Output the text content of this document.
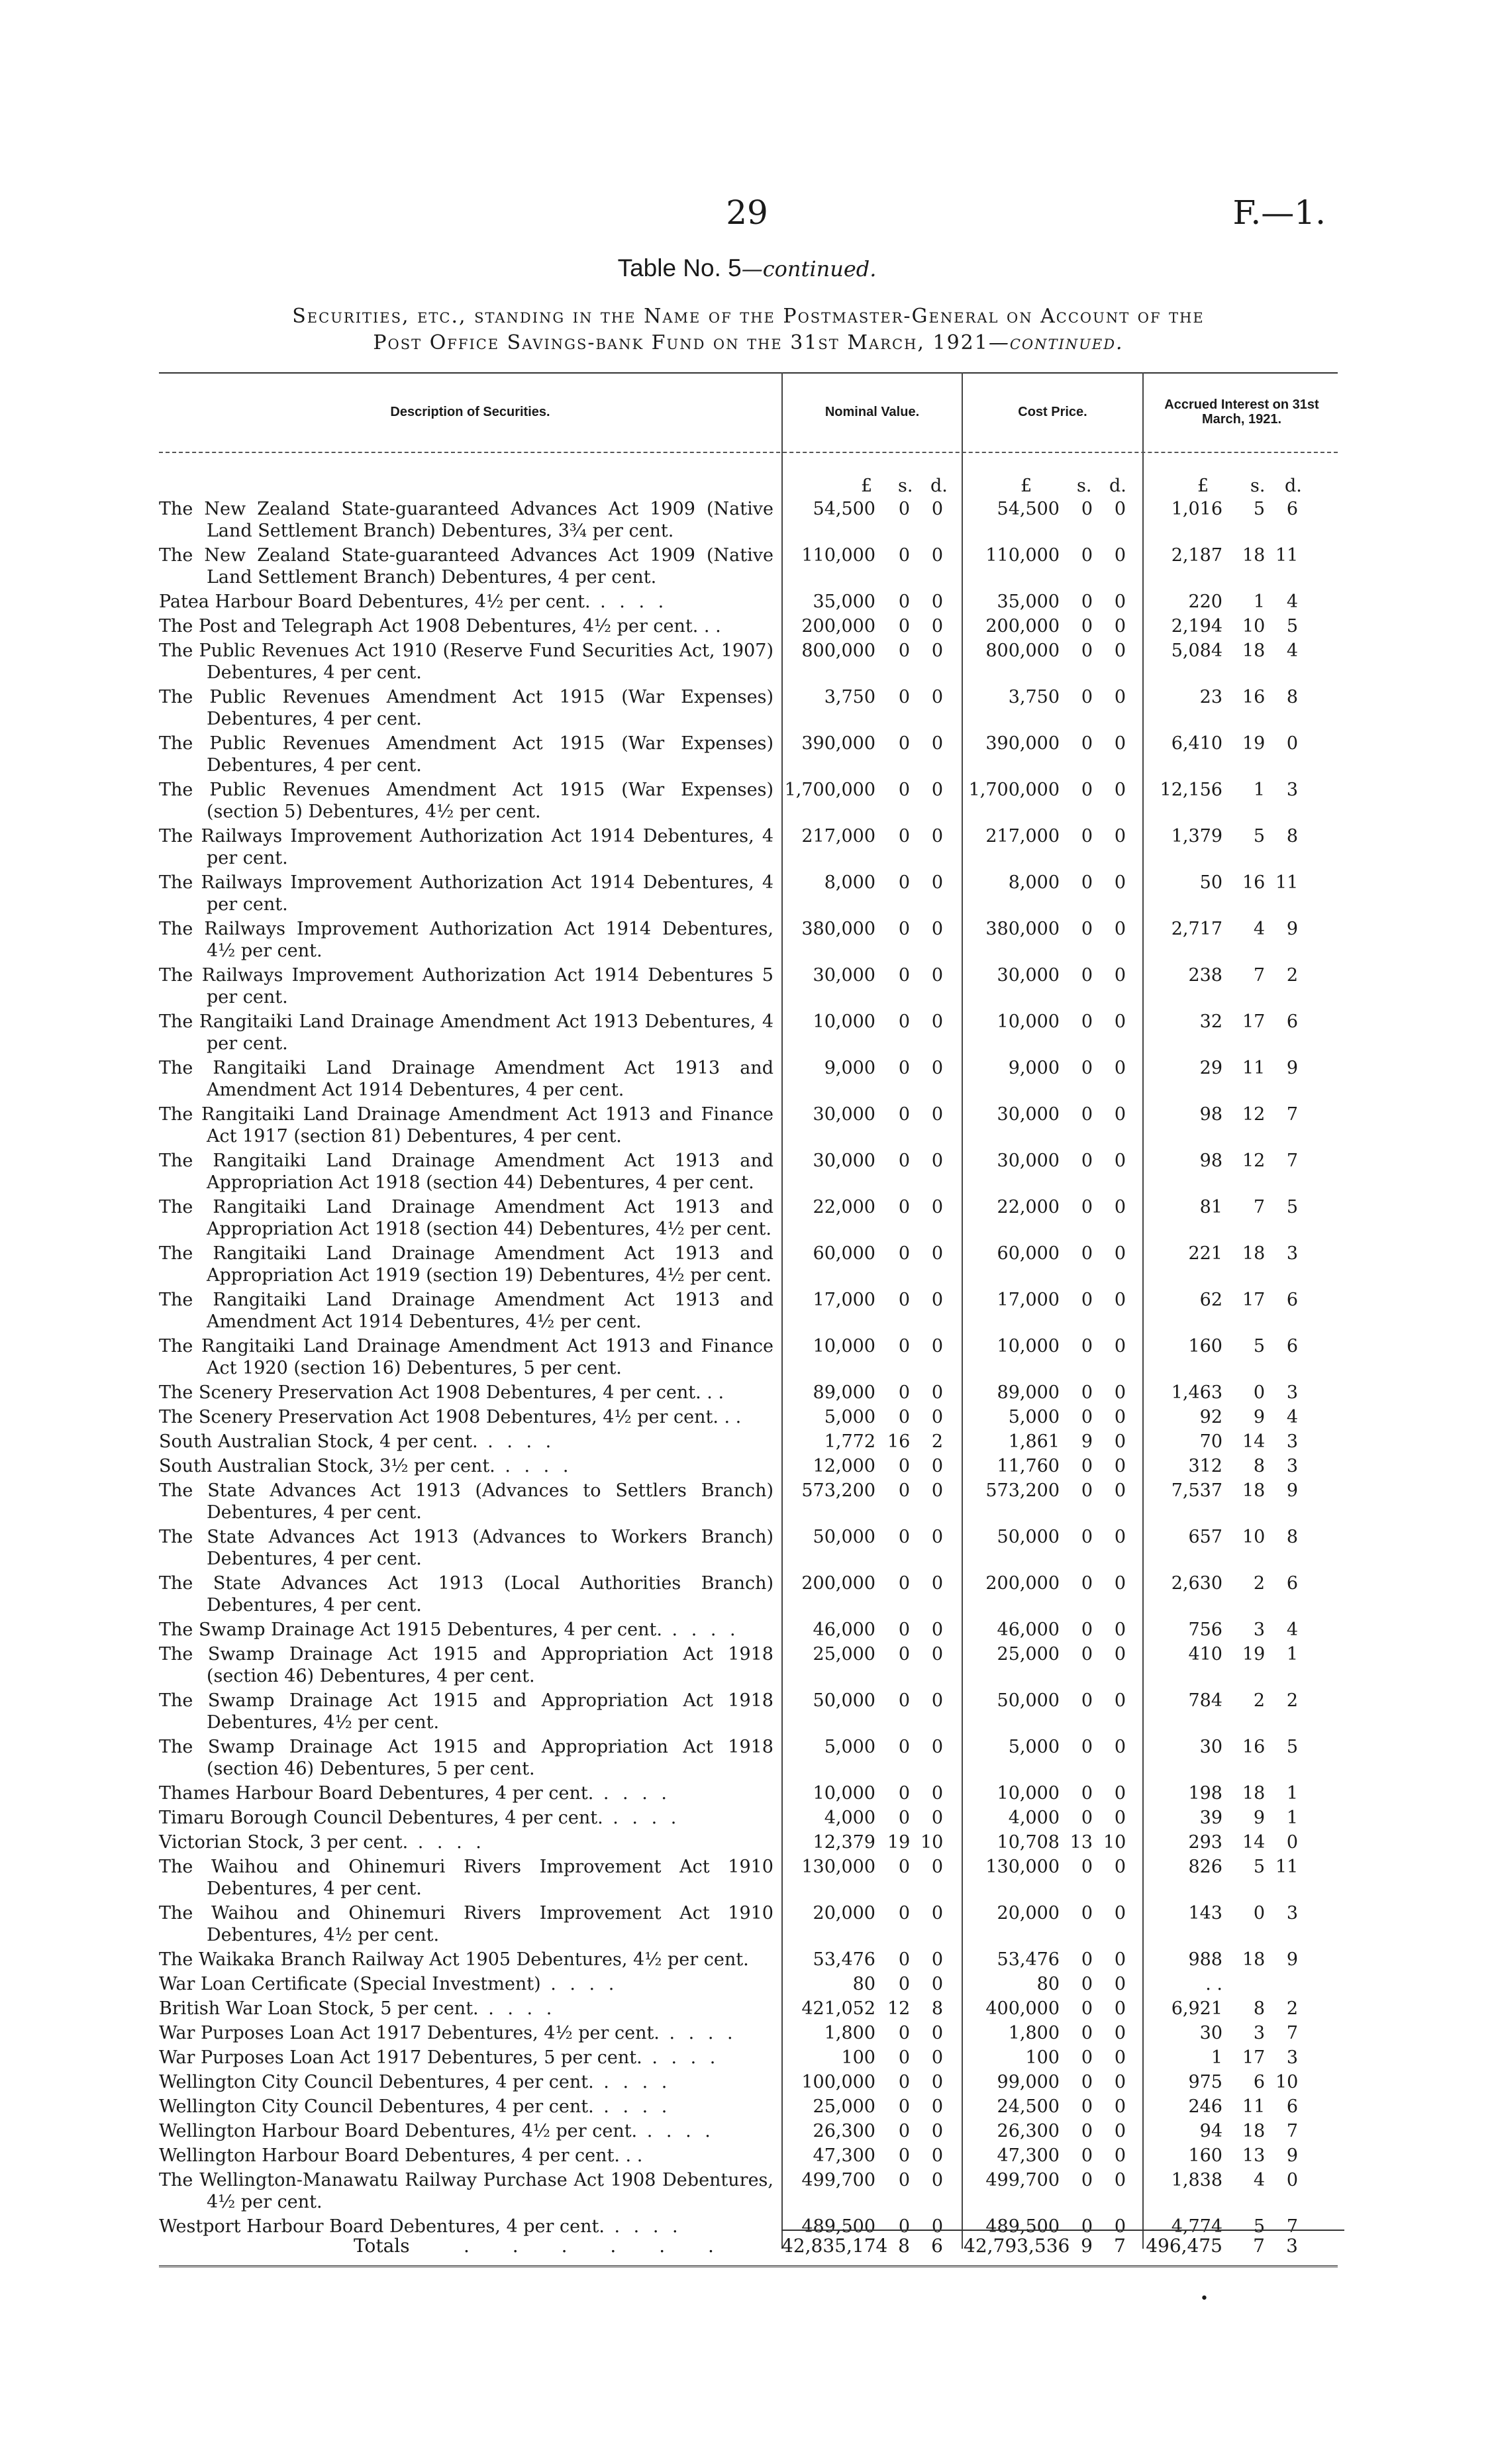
29	F.—1.
Table No. 5—continued.
Securities, etc., standing in the Name of the Postmaster-General on Account of the
Post Office Savings-bank Fund on the 31st March, 1921—continued.
Description of Securities.	Nominal Value.	Cost Price.	Accrued Interest on 31st March, 1921.
£ s. d.	£	s. d.	£ s. d.
The New Zealand State-guaranteed Advances Act 1909 (Native Land Settlement Branch) Debentures, 3¾ per cent.
54,500	0	0	54,500	0	0	1,016	5	6
The New Zealand State-guaranteed Advances Act 1909 (Native Land Settlement Branch) Debentures, 4 per cent.
110,000	0	0	110,000	0	0	2,187 18 11
Patea Harbour Board Debentures, 4½ per cent. . . . .	35,000	0	0	35,000	0	0	220	1	4
The Post and Telegraph Act 1908 Debentures, 4½ per cent. . .	200,000	0	0	200,000	0	0	2,194 10	5
The Public Revenues Act 1910 (Reserve Fund Securities Act, 1907) Debentures, 4 per cent.
800,000	0	0	800,000	0	0	5,084 18	4
The Public Revenues Amendment Act 1915 (War Expenses) Debentures, 4 per cent.
3,750	0	0	3,750	0	0	23 16	8
The Public Revenues Amendment Act 1915 (War Expenses) Debentures, 4 per cent.
390,000	0	0	390,000	0	0	6,410 19	0
The Public Revenues Amendment Act 1915 (War Expenses) (section 5) Debentures, 4½ per cent.
1,700,000	0	0 1,700,000	0	0	12,156	1	3
The Railways Improvement Authorization Act 1914 Debentures, 4 per cent.
217,000	0	0	217,000	0	0	1,379	5	8
The Railways Improvement Authorization Act 1914 Debentures, 4 per cent.
8,000	0	0	8,000	0	0	50 16 11
The Railways Improvement Authorization Act 1914 Debentures, 4½ per cent.
380,000	0	0	380,000	0	0	2,717	4	9
The Railways Improvement Authorization Act 1914 Debentures 5 per cent.
30,000	0	0	30,000	0	0	238	7	2
The Rangitaiki Land Drainage Amendment Act 1913 Debentures, 4 per cent.
10,000	0	0	10,000	0	0	32 17	6
The Rangitaiki Land Drainage Amendment Act 1913 and Amendment Act 1914 Debentures, 4 per cent.
9,000	0	0	9,000	0	0	29 11	9
The Rangitaiki Land Drainage Amendment Act 1913 and Finance Act 1917 (section 81) Debentures, 4 per cent.
30,000	0	0	30,000	0	0	98 12	7
The Rangitaiki Land Drainage Amendment Act 1913 and Appropriation Act 1918 (section 44) Debentures, 4 per cent.
30,000	0	0	30,000	0	0	98 12	7
The Rangitaiki Land Drainage Amendment Act 1913 and Appropriation Act 1918 (section 44) Debentures, 4½ per cent.
22,000	0	0	22,000	0	0	81	7	5
The Rangitaiki Land Drainage Amendment Act 1913 and Appropriation Act 1919 (section 19) Debentures, 4½ per cent.
60,000	0	0	60,000	0	0	221 18	3
The Rangitaiki Land Drainage Amendment Act 1913 and Amendment Act 1914 Debentures, 4½ per cent.
17,000	0	0	17,000	0	0	62 17	6
The Rangitaiki Land Drainage Amendment Act 1913 and Finance Act 1920 (section 16) Debentures, 5 per cent.
10,000	0	0	10,000	0	0	160	5	6
The Scenery Preservation Act 1908 Debentures, 4 per cent. . .	89,000	0	0	89,000	0	0	1,463	0	3
The Scenery Preservation Act 1908 Debentures, 4½ per cent. . .	5,000	0	0	5,000	0	0	92	9	4
South Australian Stock, 4 per cent. . . . .	1,772 16	2	1,861	9	0	70 14	3
South Australian Stock, 3½ per cent. . . . .	12,000	0	0	11,760	0	0	312	8	3
The State Advances Act 1913 (Advances to Settlers Branch) Debentures, 4 per cent.
573,200	0	0	573,200	0	0	7,537 18	9
The State Advances Act 1913 (Advances to Workers Branch) Debentures, 4 per cent.
50,000	0	0	50,000	0	0	657 10	8
The State Advances Act 1913 (Local Authorities Branch) Debentures, 4 per cent.
200,000	0	0	200,000	0	0	2,630	2	6
The Swamp Drainage Act 1915 Debentures, 4 per cent. . . . .	46,000	0	0	46,000	0	0	756	3	4
The Swamp Drainage Act 1915 and Appropriation Act 1918 (section 46) Debentures, 4 per cent.
25,000	0	0	25,000	0	0	410 19	1
The Swamp Drainage Act 1915 and Appropriation Act 1918 Debentures, 4½ per cent.
50,000	0	0	50,000	0	0	784	2	2
The Swamp Drainage Act 1915 and Appropriation Act 1918 (section 46) Debentures, 5 per cent.
5,000	0	0	5,000	0	0	30 16	5
Thames Harbour Board Debentures, 4 per cent. . . . .	10,000	0	0	10,000	0	0	198 18	1
Timaru Borough Council Debentures, 4 per cent. . . . .	4,000	0	0	4,000	0	0	39	9	1
Victorian Stock, 3 per cent. . . . .	12,379 19 10	10,708 13 10	293 14	0
The Waihou and Ohinemuri Rivers Improvement Act 1910 Debentures, 4 per cent.
130,000	0	0	130,000	0	0	826	5 11
The Waihou and Ohinemuri Rivers Improvement Act 1910 Debentures, 4½ per cent.
20,000	0	0	20,000	0	0	143	0	3
The Waikaka Branch Railway Act 1905 Debentures, 4½ per cent.	53,476	0	0	53,476	0	0	988 18	9
War Loan Certificate (Special Investment) . . . .	80	0	0	80	0	0	. .
British War Loan Stock, 5 per cent. . . . .	421,052 12	8	400,000	0	0	6,921	8	2
War Purposes Loan Act 1917 Debentures, 4½ per cent. . . . .	1,800	0	0	1,800	0	0	30	3	7
War Purposes Loan Act 1917 Debentures, 5 per cent. . . . .	100	0	0	100	0	0	1 17	3
Wellington City Council Debentures, 4 per cent. . . . .	100,000	0	0	99,000	0	0	975	6 10
Wellington City Council Debentures, 4 per cent. . . . .	25,000	0	0	24,500	0	0	246 11	6
Wellington Harbour Board Debentures, 4½ per cent. . . . .	26,300	0	0	26,300	0	0	94 18	7
Wellington Harbour Board Debentures, 4 per cent. . .	47,300	0	0	47,300	0	0	160 13	9
The Wellington-Manawatu Railway Purchase Act 1908 Debentures, 4½ per cent.
499,700	0	0	499,700	0	0	1,838	4	0
Westport Harbour Board Debentures, 4 per cent. . . . .	489,500	0	0	489,500	0	0	4,774	5	7
Totals	. . . . . .	42,835,174 8	6 42,793,536 9	7 496,475	7	3
•
